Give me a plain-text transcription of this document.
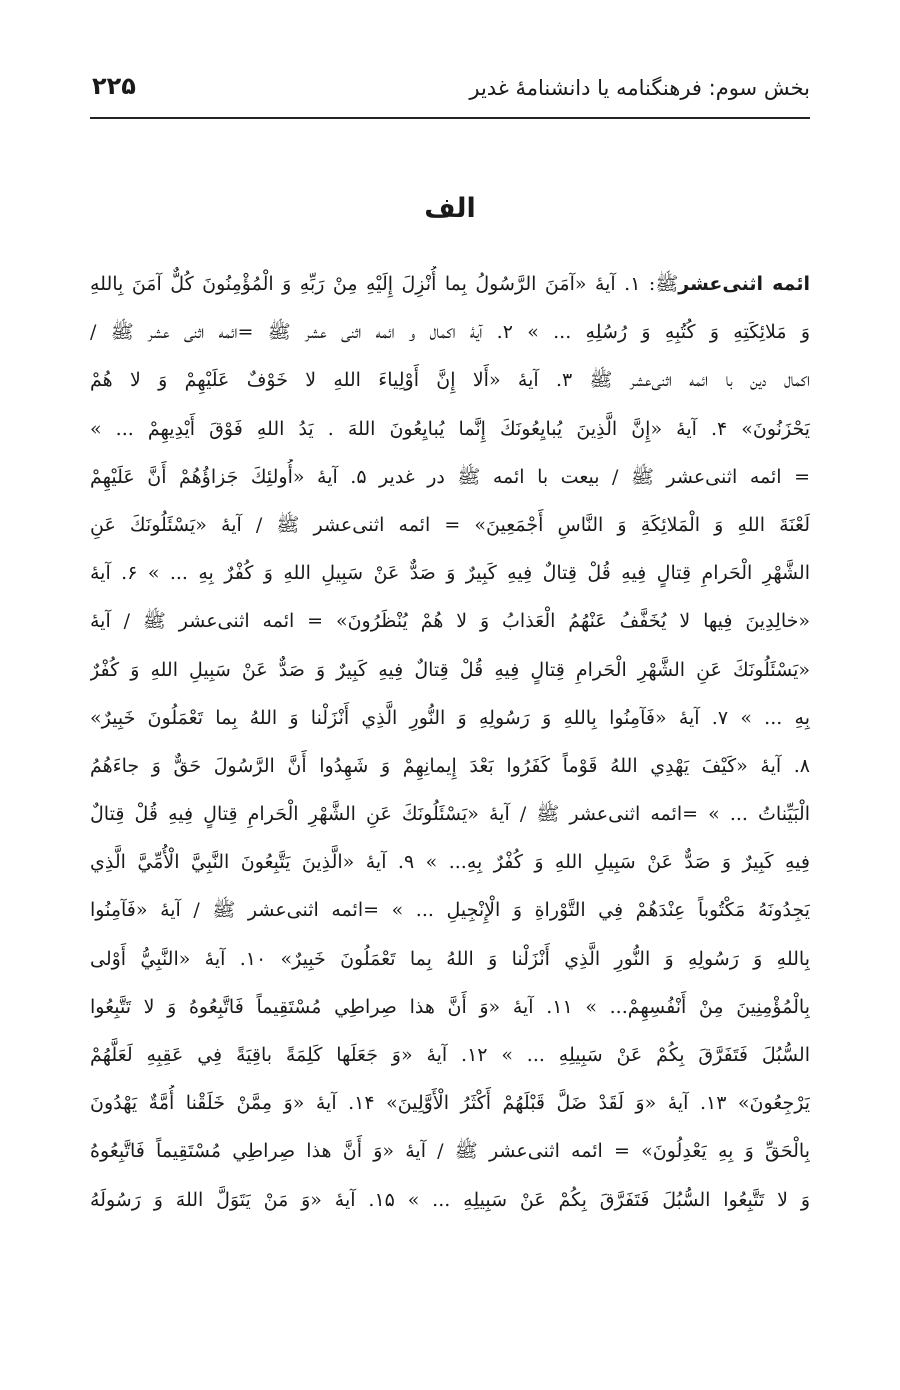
بخش سوم: فرهنگنامه یا دانشنامهٔ غدیر
۲۲۵
الف
ائمه اثنی‌عشرﷺ: ۱. آیهٔ «آمَنَ الرَّسُولُ بِما أُنْزِلَ إِلَيْهِ مِنْ رَبِّهِ وَ الْمُؤْمِنُونَ كُلٌّ آمَنَ بِاللهِ
وَ مَلائِكَتِهِ وَ كُتُبِهِ وَ رُسُلِهِ ... » ۲. آیهٔ اکمال و ائمه اثنی عشر ﷺ =ائمه اثنی عشر ﷺ /
اکمال دین با ائمه اثنی‌عشر ﷺ ۳. آیهٔ «أَلا إِنَّ أَوْلِياءَ اللهِ لا خَوْفٌ عَلَيْهِمْ وَ لا هُمْ
يَحْزَنُونَ» ۴. آیهٔ «إِنَّ الَّذِينَ يُبايِعُونَكَ إِنَّما يُبايِعُونَ اللهَ . يَدُ اللهِ فَوْقَ أَيْدِيهِمْ ... »
= ائمه اثنی‌عشر ﷺ / بیعت با ائمه ﷺ در غدیر ۵. آیهٔ «أُولئِكَ جَزاؤُهُمْ أَنَّ عَلَيْهِمْ
لَعْنَةَ اللهِ وَ الْمَلائِكَةِ وَ النَّاسِ أَجْمَعِينَ» = ائمه اثنی‌عشر ﷺ / آیهٔ «يَسْئَلُونَكَ عَنِ
الشَّهْرِ الْحَرامِ قِتالٍ فِيهِ قُلْ قِتالٌ فِيهِ كَبِيرٌ وَ صَدٌّ عَنْ سَبِيلِ اللهِ وَ كُفْرٌ بِهِ ... » ۶. آیهٔ
«خالِدِينَ فِيها لا يُخَفَّفُ عَنْهُمُ الْعَذابُ وَ لا هُمْ يُنْظَرُونَ» = ائمه اثنی‌عشر ﷺ / آیهٔ
«يَسْئَلُونَكَ عَنِ الشَّهْرِ الْحَرامِ قِتالٍ فِيهِ قُلْ قِتالٌ فِيهِ كَبِيرٌ وَ صَدٌّ عَنْ سَبِيلِ اللهِ وَ كُفْرٌ
بِهِ ... » ۷. آیهٔ «فَآمِنُوا بِاللهِ وَ رَسُولِهِ وَ النُّورِ الَّذِي أَنْزَلْنا وَ اللهُ بِما تَعْمَلُونَ خَبِيرٌ»
۸. آیهٔ «كَيْفَ يَهْدِي اللهُ قَوْماً كَفَرُوا بَعْدَ إِيمانِهِمْ وَ شَهِدُوا أَنَّ الرَّسُولَ حَقٌّ وَ جاءَهُمُ
الْبَيِّناتُ ... » =ائمه اثنی‌عشر ﷺ / آیهٔ «يَسْئَلُونَكَ عَنِ الشَّهْرِ الْحَرامِ قِتالٍ فِيهِ قُلْ قِتالٌ
فِيهِ كَبِيرٌ وَ صَدٌّ عَنْ سَبِيلِ اللهِ وَ كُفْرٌ بِهِ... » ۹. آیهٔ «الَّذِينَ يَتَّبِعُونَ النَّبِيَّ الْأُمِّيَّ الَّذِي
يَجِدُونَهُ مَكْتُوباً عِنْدَهُمْ فِي التَّوْراةِ وَ الْإِنْجِيلِ ... » =ائمه اثنی‌عشر ﷺ / آیهٔ «فَآمِنُوا
بِاللهِ وَ رَسُولِهِ وَ النُّورِ الَّذِي أَنْزَلْنا وَ اللهُ بِما تَعْمَلُونَ خَبِيرٌ» ۱۰. آیهٔ «النَّبِيُّ أَوْلى
بِالْمُؤْمِنِينَ مِنْ أَنْفُسِهِمْ... » ۱۱. آیهٔ «وَ أَنَّ هذا صِراطِي مُسْتَقِيماً فَاتَّبِعُوهُ وَ لا تَتَّبِعُوا
السُّبُلَ فَتَفَرَّقَ بِكُمْ عَنْ سَبِيلِهِ ... » ۱۲. آیهٔ «وَ جَعَلَها كَلِمَةً باقِيَةً فِي عَقِبِهِ لَعَلَّهُمْ
يَرْجِعُونَ» ۱۳. آیهٔ «وَ لَقَدْ ضَلَّ قَبْلَهُمْ أَكْثَرُ الْأَوَّلِينَ» ۱۴. آیهٔ «وَ مِمَّنْ خَلَقْنا أُمَّةٌ يَهْدُونَ
بِالْحَقِّ وَ بِهِ يَعْدِلُونَ» = ائمه اثنی‌عشر ﷺ / آیهٔ «وَ أَنَّ هذا صِراطِي مُسْتَقِيماً فَاتَّبِعُوهُ
وَ لا تَتَّبِعُوا السُّبُلَ فَتَفَرَّقَ بِكُمْ عَنْ سَبِيلِهِ ... » ۱۵. آیهٔ «وَ مَنْ يَتَوَلَّ اللهَ وَ رَسُولَهُ
